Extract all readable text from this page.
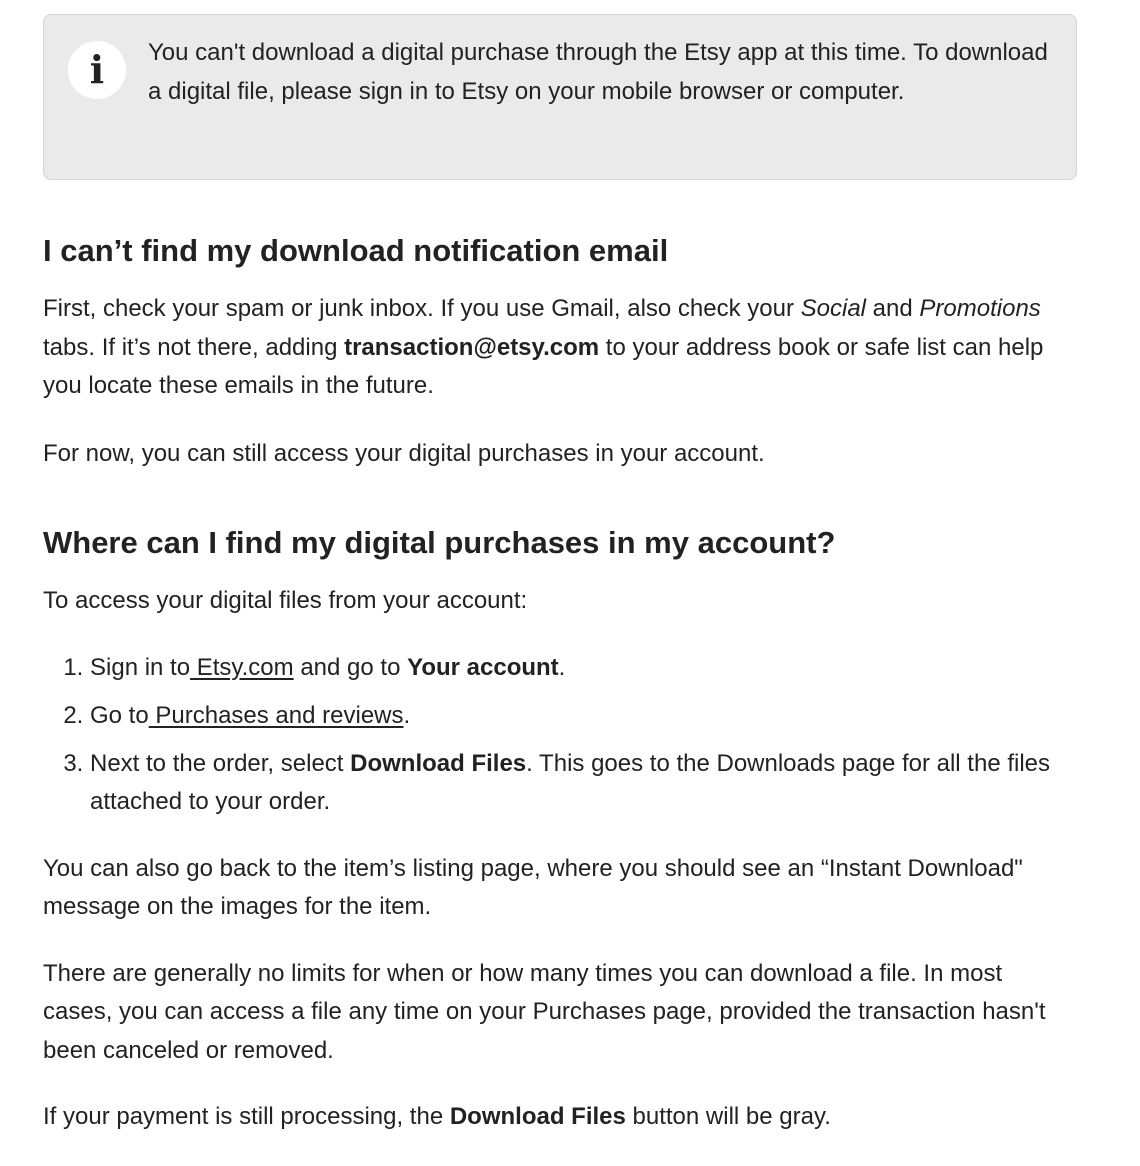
i You can't download a digital purchase through the Etsy app at this time. To download a digital file, please sign in to Etsy on your mobile browser or computer.
I can’t find my download notification email

First, check your spam or junk inbox. If you use Gmail, also check your Social and Promotions tabs. If it’s not there, adding transaction@etsy.com to your address book or safe list can help you locate these emails in the future.

For now, you can still access your digital purchases in your account.

Where can I find my digital purchases in my account?

To access your digital files from your account:

1. Sign in to Etsy.com and go to Your account.
2. Go to Purchases and reviews.
3. Next to the order, select Download Files. This goes to the Downloads page for all the files attached to your order.

You can also go back to the item’s listing page, where you should see an “Instant Download" message on the images for the item.

There are generally no limits for when or how many times you can download a file. In most cases, you can access a file any time on your Purchases page, provided the transaction hasn't been canceled or removed.

If your payment is still processing, the Download Files button will be gray.
